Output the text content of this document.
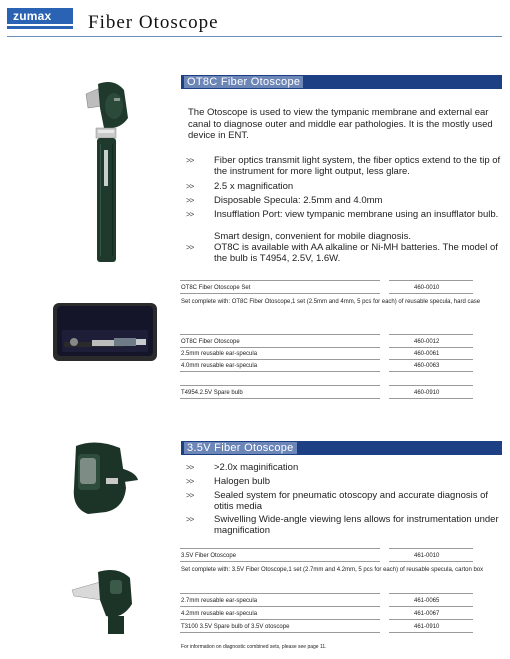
zumax	Fiber Otoscope
OT8C Fiber Otoscope
The Otoscope is used to view the tympanic membrane and external ear canal to diagnose outer and middle ear pathologies. It is the mostly used device in ENT.
>> Fiber optics transmit light system, the fiber optics extend to the tip of the instrument for more light output, less glare.
>> 2.5 x magnification
>> Disposable Specula: 2.5mm and 4.0mm
>> Insufflation Port: view tympanic membrane using an insufflator bulb.
Smart design, convenient for mobile diagnosis.
>> OT8C is available with AA alkaline or Ni-MH batteries. The model of the bulb is T4954, 2.5V, 1.6W.
OT8C Fiber Otoscope Set	460-0010
Set complete with: OT8C Fiber Otoscope,1 set (2.5mm and 4mm, 5 pcs for each) of reusable specula, hard case
OT8C Fiber Otoscope	460-0012
2.5mm reusable ear-specula	460-0061
4.0mm reusable ear-specula	460-0063
T4954.2.5V Spare bulb	460-0910
3.5V Fiber Otoscope
>> >2.0x maginification
>> Halogen bulb
>> Sealed system for pneumatic otoscopy and accurate diagnosis of otitis media
>> Swivelling Wide-angle viewing lens allows for instrumentation under magnification
3.5V Fiber Otoscope	461-0010
Set complete with: 3.5V Fiber Otoscope,1 set (2.7mm and 4.2mm, 5 pcs for each) of reusable specula, carton box
2.7mm reusable ear-specula	461-0065
4.2mm reusable ear-specula	461-0067
T3100 3.5V Spare bulb of 3.5V otoscope	461-0910
For information on diagnostic combined sets, please see page 11.
